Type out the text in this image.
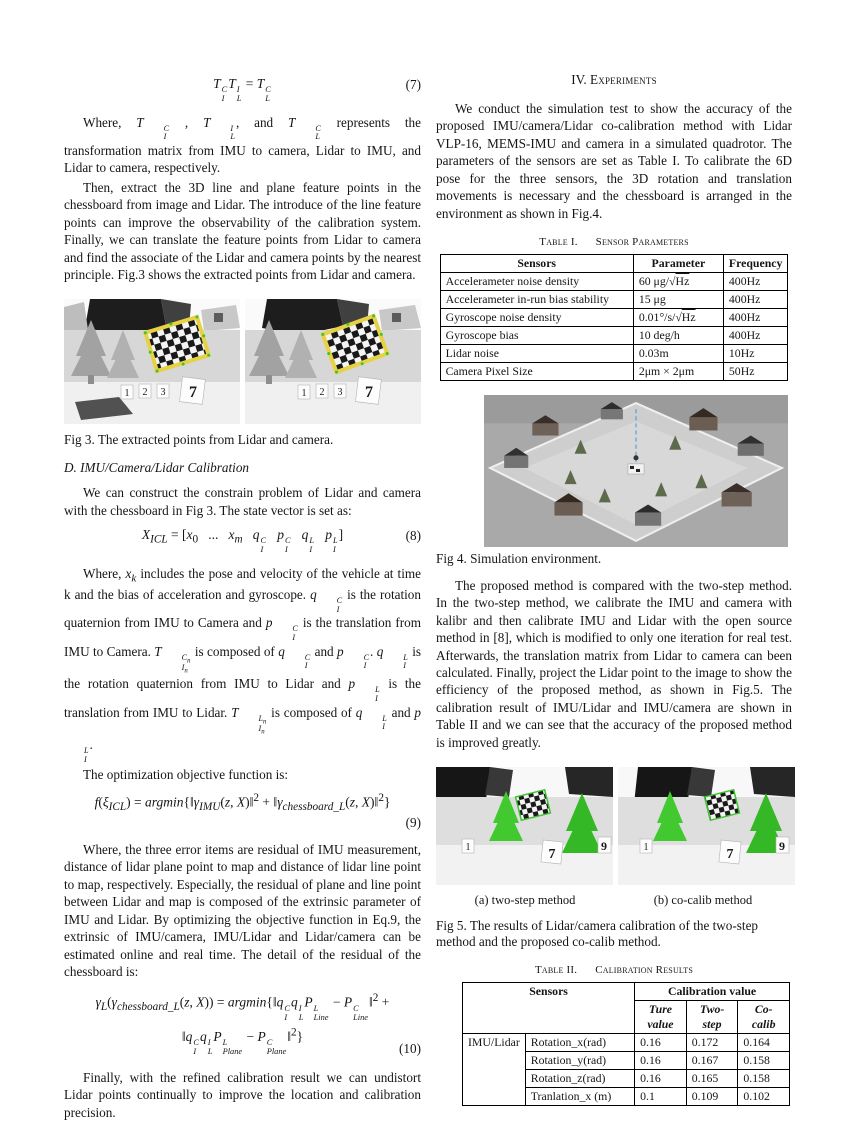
T C
I
T I
L
= T C
L
(7)

Where, T	C
I
, T	I
L
, and T	C
L
represents the transformation matrix from IMU to camera, Lidar to IMU, and Lidar to camera, respectively.

Then, extract the 3D line and plane feature points in the chessboard from image and Lidar. The introduce of the line feature points can improve the observability of the calibration system. Finally, we can translate the feature points from Lidar to camera and find the associate of the Lidar and camera points by the nearest principle. Fig.3 shows the extracted points from Lidar and camera.

1 2 3 7	1 2 3 7

Fig 3. The extracted points from Lidar and camera.

D. IMU/Camera/Lidar Calibration

We can construct the constrain problem of Lidar and camera with the chessboard in Fig 3. The state vector is set as:

$X_{ICL} = [x_0$   ...   $x_m$ q C
I
p C
I
q L
I
p L
I
]	(8)

Where, $x_k$ includes the pose and velocity of the vehicle at time k and the bias of acceleration and gyroscope. q	C
I
is the rotation quaternion from IMU to Camera and p	C
I
is the translation from IMU to Camera. T	$C_n$
$I_n$
is composed of q	C
I
and p	C
I
. q	L
I
is the rotation quaternion from IMU to Lidar and p	L
I
is the translation from IMU to Lidar. T	$L_n$
$I_n$
is composed of q	L
I
and p
L
I
.

The optimization objective function is:

$f(\xi_{ICL})$ = $argmin\{‖\gamma_{IMU}(z$, X)‖$^2$ + $‖\gamma_{chessboard\_L}(z$, X)‖$^2$}
(9)

Where, the three error items are residual of IMU measurement, distance of lidar plane point to map and distance of lidar line point to map, respectively. Especially, the residual of plane and line point between Lidar and map is composed of the extrinsic parameter of IMU and Lidar. By optimizing the objective function in Eq.9, the extrinsic of IMU/camera, IMU/Lidar and Lidar/camera can be estimated online and real time. The detail of the residual of the chessboard is:

$\gamma_L(\gamma_{chessboard\_L}(z$, X)) = argmin{‖q C
I
q I
L
P L
Line
− P C
Line
‖$^2$ +
‖q C
I
q I
L
P L
Plane
− P C
Plane
‖$^2$}
(10)

Finally, with the refined calibration result we can undistort Lidar points continually to improve the location and calibration precision.

IV. Experiments

We conduct the simulation test to show the accuracy of the proposed IMU/camera/Lidar co-calibration method with Lidar VLP-16, MEMS-IMU and camera in a simulated quadrotor. The parameters of the sensors are set as Table I. To calibrate the 6D pose for the three sensors, the 3D rotation and translation movements is necessary and the chessboard is arranged in the environment as shown in Fig.4.

Table I. Sensor Parameters
Sensors	Parameter	Frequency
Accelerameter noise density	60 μg/√Hz	400Hz
Accelerameter in-run bias stability	15 μg	400Hz
Gyroscope noise density	0.01°/s/√Hz	400Hz
Gyroscope bias	10 deg/h	400Hz
Lidar noise	0.03m	10Hz
Camera Pixel Size	2μm × 2μm	50Hz

Fig 4. Simulation environment.

The proposed method is compared with the two-step method. In the two-step method, we calibrate the IMU and camera with kalibr and then calibrate IMU and Lidar with the open source method in [8], which is modified to only one iteration for real test. Afterwards, the translation matrix from Lidar to camera can been calculated. Finally, project the Lidar point to the image to show the efficiency of the proposed method, as shown in Fig.5. The calibration result of IMU/Lidar and IMU/camera are shown in Table II and we can see that the accuracy of the proposed method is improved greatly.

1	7
9	1	7
9
(a) two-step method	(b) co-calib method

Fig 5. The results of Lidar/camera calibration of the two-step method and the proposed co-calib method.

Table II. Calibration Results
Sensors		Calibration value		
		Ture value	Two-step	Co-calib
IMU/Lidar	Rotation_x(rad)	0.16	0.172	0.164
	Rotation_y(rad)	0.16	0.167	0.158
	Rotation_z(rad)	0.16	0.165	0.158
	Tranlation_x (m)	0.1	0.109	0.102
